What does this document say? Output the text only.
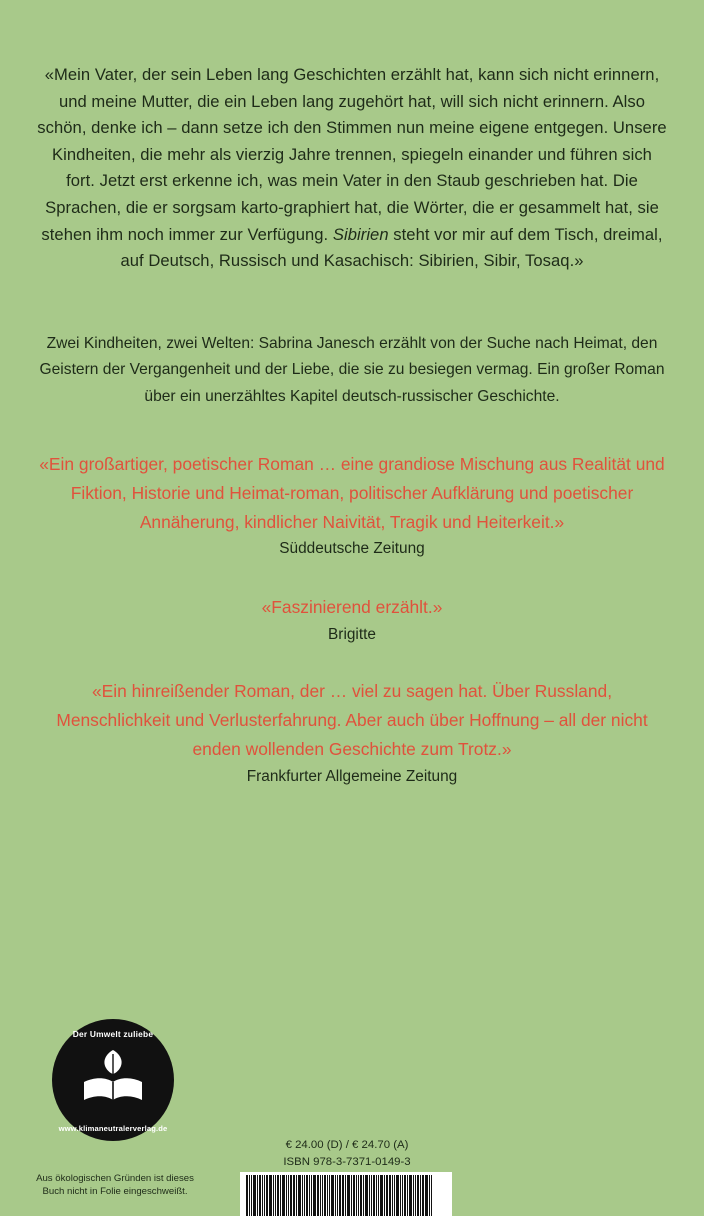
«Mein Vater, der sein Leben lang Geschichten erzählt hat, kann sich nicht erinnern, und meine Mutter, die ein Leben lang zugehört hat, will sich nicht erinnern. Also schön, denke ich – dann setze ich den Stimmen nun meine eigene entgegen. Unsere Kindheiten, die mehr als vierzig Jahre trennen, spiegeln einander und führen sich fort. Jetzt erst erkenne ich, was mein Vater in den Staub geschrieben hat. Die Sprachen, die er sorgsam karto-graphiert hat, die Wörter, die er gesammelt hat, sie stehen ihm noch immer zur Verfügung. Sibirien steht vor mir auf dem Tisch, dreimal, auf Deutsch, Russisch und Kasachisch: Sibirien, Sibir, Tosaq.»
Zwei Kindheiten, zwei Welten: Sabrina Janesch erzählt von der Suche nach Heimat, den Geistern der Vergangenheit und der Liebe, die sie zu besiegen vermag. Ein großer Roman über ein unerzähltes Kapitel deutsch-russischer Geschichte.
«Ein großartiger, poetischer Roman … eine grandiose Mischung aus Realität und Fiktion, Historie und Heimat-roman, politischer Aufklärung und poetischer Annäherung, kindlicher Naivität, Tragik und Heiterkeit.»
Süddeutsche Zeitung
«Faszinierend erzählt.»
Brigitte
«Ein hinreißender Roman, der … viel zu sagen hat. Über Russland, Menschlichkeit und Verlusterfahrung. Aber auch über Hoffnung – all der nicht enden wollenden Geschichte zum Trotz.»
Frankfurter Allgemeine Zeitung
Der Umwelt zuliebe
www.klimaneutralerverlag.de
Aus ökologischen Gründen ist dieses Buch nicht in Folie eingeschweißt.
€ 24.00 (D) / € 24.70 (A)
ISBN 978-3-7371-0149-3
